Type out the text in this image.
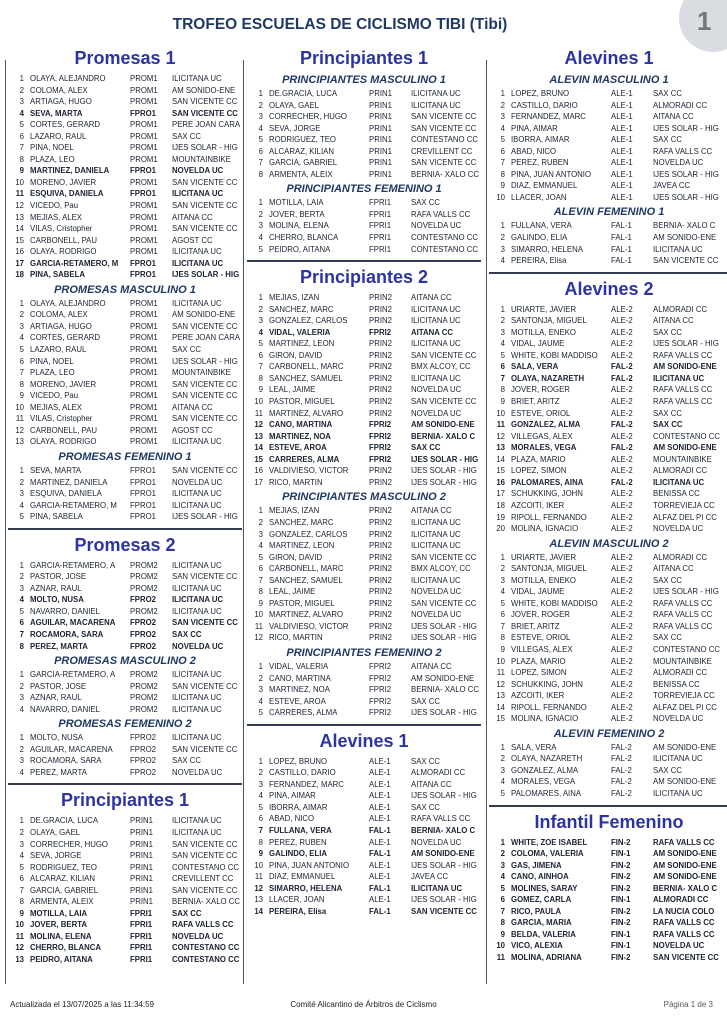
1
TROFEO ESCUELAS DE CICLISMO TIBI (Tibi)
Promesas 1
1 OLAYA, ALEJANDRO	PROM1	ILICITANA UC
2 COLOMA, ALEX	PROM1	AM SONIDO-ENE
3 ARTIAGA, HUGO	PROM1	SAN VICENTE CC
4 SEVA, MARTA	FPRO1	SAN VICENTE CC
5 CORTES, GERARD	PROM1	PERE JOAN CARA
6 LAZARO, RAUL	PROM1	SAX CC
7 PINA, NOEL	PROM1	IJES SOLAR - HIG
8 PLAZA, LEO	PROM1	MOUNTAINBIKE
9 MARTINEZ, DANIELA	FPRO1	NOVELDA UC
10 MORENO, JAVIER	PROM1	SAN VICENTE CC
11 ESQUIVA, DANIELA	FPRO1	ILICITANA UC
12 VICEDO, Pau	PROM1	SAN VICENTE CC
13 MEJIAS, ALEX	PROM1	AITANA CC
14 VILAS, Cristopher	PROM1	SAN VICENTE CC
15 CARBONELL, PAU	PROM1	AGOST CC
16 OLAYA, RODRIGO	PROM1	ILICITANA UC
17 GARCIA-RETAMERO, M	FPRO1	ILICITANA UC
18 PINA, SABELA	FPRO1	IJES SOLAR - HIG
PROMESAS MASCULINO 1
1 OLAYA, ALEJANDRO	PROM1	ILICITANA UC
2 COLOMA, ALEX	PROM1	AM SONIDO-ENE
3 ARTIAGA, HUGO	PROM1	SAN VICENTE CC
4 CORTES, GERARD	PROM1	PERE JOAN CARA
5 LAZARO, RAUL	PROM1	SAX CC
6 PINA, NOEL	PROM1	IJES SOLAR - HIG
7 PLAZA, LEO	PROM1	MOUNTAINBIKE
8 MORENO, JAVIER	PROM1	SAN VICENTE CC
9 VICEDO, Pau	PROM1	SAN VICENTE CC
10 MEJIAS, ALEX	PROM1	AITANA CC
11 VILAS, Cristopher	PROM1	SAN VICENTE CC
12 CARBONELL, PAU	PROM1	AGOST CC
13 OLAYA, RODRIGO	PROM1	ILICITANA UC
PROMESAS FEMENINO 1
1 SEVA, MARTA	FPRO1	SAN VICENTE CC
2 MARTINEZ, DANIELA	FPRO1	NOVELDA UC
3 ESQUIVA, DANIELA	FPRO1	ILICITANA UC
4 GARCIA-RETAMERO, M	FPRO1	ILICITANA UC
5 PINA, SABELA	FPRO1	IJES SOLAR - HIG
Promesas 2
1 GARCIA-RETAMERO, A	PROM2	ILICITANA UC
2 PASTOR, JOSE	PROM2	SAN VICENTE CC
3 AZNAR, RAUL	PROM2	ILICITANA UC
4 MOLTO, NUSA	FPRO2	ILICITANA UC
5 NAVARRO, DANIEL	PROM2	ILICITANA UC
6 AGUILAR, MACARENA	FPRO2	SAN VICENTE CC
7 ROCAMORA, SARA	FPRO2	SAX CC
8 PEREZ, MARTA	FPRO2	NOVELDA UC
PROMESAS MASCULINO 2
1 GARCIA-RETAMERO, A	PROM2	ILICITANA UC
2 PASTOR, JOSE	PROM2	SAN VICENTE CC
3 AZNAR, RAUL	PROM2	ILICITANA UC
4 NAVARRO, DANIEL	PROM2	ILICITANA UC
PROMESAS FEMENINO 2
1 MOLTO, NUSA	FPRO2	ILICITANA UC
2 AGUILAR, MACARENA	FPRO2	SAN VICENTE CC
3 ROCAMORA, SARA	FPRO2	SAX CC
4 PEREZ, MARTA	FPRO2	NOVELDA UC
Principiantes 1
1 DE.GRACIA, LUCA	PRIN1	ILICITANA UC
2 OLAYA, GAEL	PRIN1	ILICITANA UC
3 CORRECHER, HUGO	PRIN1	SAN VICENTE CC
4 SEVA, JORGE	PRIN1	SAN VICENTE CC
5 RODRIGUEZ, TEO	PRIN1	CONTESTANO CC
6 ALCARAZ, KILIAN	PRIN1	CREVILLENT CC
7 GARCIA, GABRIEL	PRIN1	SAN VICENTE CC
8 ARMENTA, ALEIX	PRIN1	BERNIA- XALO CC
9 MOTILLA, LAIA	FPRI1	SAX CC
10 JOVER, BERTA	FPRI1	RAFA VALLS CC
11 MOLINA, ELENA	FPRI1	NOVELDA UC
12 CHERRO, BLANCA	FPRI1	CONTESTANO CC
13 PEIDRO, AITANA	FPRI1	CONTESTANO CC
Principiantes 1
PRINCIPIANTES MASCULINO 1
1 DE.GRACIA, LUCA	PRIN1	ILICITANA UC
2 OLAYA, GAEL	PRIN1	ILICITANA UC
3 CORRECHER, HUGO	PRIN1	SAN VICENTE CC
4 SEVA, JORGE	PRIN1	SAN VICENTE CC
5 RODRIGUEZ, TEO	PRIN1	CONTESTANO CC
6 ALCARAZ, KILIAN	PRIN1	CREVILLENT CC
7 GARCIA, GABRIEL	PRIN1	SAN VICENTE CC
8 ARMENTA, ALEIX	PRIN1	BERNIA- XALO CC
PRINCIPIANTES FEMENINO 1
1 MOTILLA, LAIA	FPRI1	SAX CC
2 JOVER, BERTA	FPRI1	RAFA VALLS CC
3 MOLINA, ELENA	FPRI1	NOVELDA UC
4 CHERRO, BLANCA	FPRI1	CONTESTANO CC
5 PEIDRO, AITANA	FPRI1	CONTESTANO CC
Principiantes 2
1 MEJIAS, IZAN	PRIN2	AITANA CC
2 SANCHEZ, MARC	PRIN2	ILICITANA UC
3 GONZALEZ, CARLOS	PRIN2	ILICITANA UC
4 VIDAL, VALERIA	FPRI2	AITANA CC
5 MARTINEZ, LEON	PRIN2	ILICITANA UC
6 GIRON, DAVID	PRIN2	SAN VICENTE CC
7 CARBONELL, MARC	PRIN2	BMX ALCOY, CC
8 SANCHEZ, SAMUEL	PRIN2	ILICITANA UC
9 LEAL, JAIME	PRIN2	NOVELDA UC
10 PASTOR, MIGUEL	PRIN2	SAN VICENTE CC
11 MARTINEZ, ALVARO	PRIN2	NOVELDA UC
12 CANO, MARTINA	FPRI2	AM SONIDO-ENE
13 MARTINEZ, NOA	FPRI2	BERNIA- XALO C
14 ESTEVE, AROA	FPRI2	SAX CC
15 CARRERES, ALMA	FPRI2	IJES SOLAR - HIG
16 VALDIVIESO, VICTOR	PRIN2	IJES SOLAR - HIG
17 RICO, MARTIN	PRIN2	IJES SOLAR - HIG
PRINCIPIANTES MASCULINO 2
1 MEJIAS, IZAN	PRIN2	AITANA CC
2 SANCHEZ, MARC	PRIN2	ILICITANA UC
3 GONZALEZ, CARLOS	PRIN2	ILICITANA UC
4 MARTINEZ, LEON	PRIN2	ILICITANA UC
5 GIRON, DAVID	PRIN2	SAN VICENTE CC
6 CARBONELL, MARC	PRIN2	BMX ALCOY, CC
7 SANCHEZ, SAMUEL	PRIN2	ILICITANA UC
8 LEAL, JAIME	PRIN2	NOVELDA UC
9 PASTOR, MIGUEL	PRIN2	SAN VICENTE CC
10 MARTINEZ, ALVARO	PRIN2	NOVELDA UC
11 VALDIVIESO, VICTOR	PRIN2	IJES SOLAR - HIG
12 RICO, MARTIN	PRIN2	IJES SOLAR - HIG
PRINCIPIANTES FEMENINO 2
1 VIDAL, VALERIA	FPRI2	AITANA CC
2 CANO, MARTINA	FPRI2	AM SONIDO-ENE
3 MARTINEZ, NOA	FPRI2	BERNIA- XALO CC
4 ESTEVE, AROA	FPRI2	SAX CC
5 CARRERES, ALMA	FPRI2	IJES SOLAR - HIG
Alevines 1
1 LOPEZ, BRUNO	ALE-1	SAX CC
2 CASTILLO, DARIO	ALE-1	ALMORADI CC
3 FERNANDEZ, MARC	ALE-1	AITANA CC
4 PINA, AIMAR	ALE-1	IJES SOLAR - HIG
5 IBORRA, AIMAR	ALE-1	SAX CC
6 ABAD, NICO	ALE-1	RAFA VALLS CC
7 FULLANA, VERA	FAL-1	BERNIA- XALO C
8 PEREZ, RUBEN	ALE-1	NOVELDA UC
9 GALINDO, ELIA	FAL-1	AM SONIDO-ENE
10 PINA, JUAN ANTONIO	ALE-1	IJES SOLAR - HIG
11 DIAZ, EMMANUEL	ALE-1	JAVEA CC
12 SIMARRO, HELENA	FAL-1	ILICITANA UC
13 LLACER, JOAN	ALE-1	IJES SOLAR - HIG
14 PEREIRA, Elisa	FAL-1	SAN VICENTE CC
Alevines 1
ALEVIN MASCULINO 1
1 LOPEZ, BRUNO	ALE-1	SAX CC
2 CASTILLO, DARIO	ALE-1	ALMORADI CC
3 FERNANDEZ, MARC	ALE-1	AITANA CC
4 PINA, AIMAR	ALE-1	IJES SOLAR - HIG
5 IBORRA, AIMAR	ALE-1	SAX CC
6 ABAD, NICO	ALE-1	RAFA VALLS CC
7 PEREZ, RUBEN	ALE-1	NOVELDA UC
8 PINA, JUAN ANTONIO	ALE-1	IJES SOLAR - HIG
9 DIAZ, EMMANUEL	ALE-1	JAVEA CC
10 LLACER, JOAN	ALE-1	IJES SOLAR - HIG
ALEVIN FEMENINO 1
1 FULLANA, VERA	FAL-1	BERNIA- XALO C
2 GALINDO, ELIA	FAL-1	AM SONIDO-ENE
3 SIMARRO, HELENA	FAL-1	ILICITANA UC
4 PEREIRA, Elisa	FAL-1	SAN VICENTE CC
Alevines 2
1 URIARTE, JAVIER	ALE-2	ALMORADI CC
2 SANTONJA, MIGUEL	ALE-2	AITANA CC
3 MOTILLA, ENEKO	ALE-2	SAX CC
4 VIDAL, JAUME	ALE-2	IJES SOLAR - HIG
5 WHITE, KOBI MADDISO	ALE-2	RAFA VALLS CC
6 SALA, VERA	FAL-2	AM SONIDO-ENE
7 OLAYA, NAZARETH	FAL-2	ILICITANA UC
8 JOVER, ROGER	ALE-2	RAFA VALLS CC
9 BRIET, ARITZ	ALE-2	RAFA VALLS CC
10 ESTEVE, ORIOL	ALE-2	SAX CC
11 GONZALEZ, ALMA	FAL-2	SAX CC
12 VILLEGAS, ALEX	ALE-2	CONTESTANO CC
13 MORALES, VEGA	FAL-2	AM SONIDO-ENE
14 PLAZA, MARIO	ALE-2	MOUNTAINBIKE
15 LOPEZ, SIMON	ALE-2	ALMORADI CC
16 PALOMARES, AINA	FAL-2	ILICITANA UC
17 SCHUKKING, JOHN	ALE-2	BENISSA CC
18 AZCOITI, IKER	ALE-2	TORREVIEJA CC
19 RIPOLL, FERNANDO	ALE-2	ALFAZ DEL PI CC
20 MOLINA, IGNACIO	ALE-2	NOVELDA UC
ALEVIN MASCULINO 2
1 URIARTE, JAVIER	ALE-2	ALMORADI CC
2 SANTONJA, MIGUEL	ALE-2	AITANA CC
3 MOTILLA, ENEKO	ALE-2	SAX CC
4 VIDAL, JAUME	ALE-2	IJES SOLAR - HIG
5 WHITE, KOBI MADDISO	ALE-2	RAFA VALLS CC
6 JOVER, ROGER	ALE-2	RAFA VALLS CC
7 BRIET, ARITZ	ALE-2	RAFA VALLS CC
8 ESTEVE, ORIOL	ALE-2	SAX CC
9 VILLEGAS, ALEX	ALE-2	CONTESTANO CC
10 PLAZA, MARIO	ALE-2	MOUNTAINBIKE
11 LOPEZ, SIMON	ALE-2	ALMORADI CC
12 SCHUKKING, JOHN	ALE-2	BENISSA CC
13 AZCOITI, IKER	ALE-2	TORREVIEJA CC
14 RIPOLL, FERNANDO	ALE-2	ALFAZ DEL PI CC
15 MOLINA, IGNACIO	ALE-2	NOVELDA UC
ALEVIN FEMENINO 2
1 SALA, VERA	FAL-2	AM SONIDO-ENE
2 OLAYA, NAZARETH	FAL-2	ILICITANA UC
3 GONZALEZ, ALMA	FAL-2	SAX CC
4 MORALES, VEGA	FAL-2	AM SONIDO-ENE
5 PALOMARES, AINA	FAL-2	ILICITANA UC
Infantil Femenino
1 WHITE, ZOE ISABEL	FIN-2	RAFA VALLS CC
2 COLOMA, VALERIA	FIN-1	AM SONIDO-ENE
3 GAS, JIMENA	FIN-2	AM SONIDO-ENE
4 CANO, AINHOA	FIN-2	AM SONIDO-ENE
5 MOLINES, SARAY	FIN-2	BERNIA- XALO C
6 GOMEZ, CARLA	FIN-1	ALMORADI CC
7 RICO, PAULA	FIN-2	LA NUCIA COLO
8 GARCIA, MARIA	FIN-2	RAFA VALLS CC
9 BELDA, VALERIA	FIN-1	RAFA VALLS CC
10 VICO, ALEXIA	FIN-1	NOVELDA UC
11 MOLINA, ADRIANA	FIN-2	SAN VICENTE CC
Actualizada el 13/07/2025 a las 11:34:59	Comité Alicantino de Árbitros de Ciclismo	Página 1 de 3
